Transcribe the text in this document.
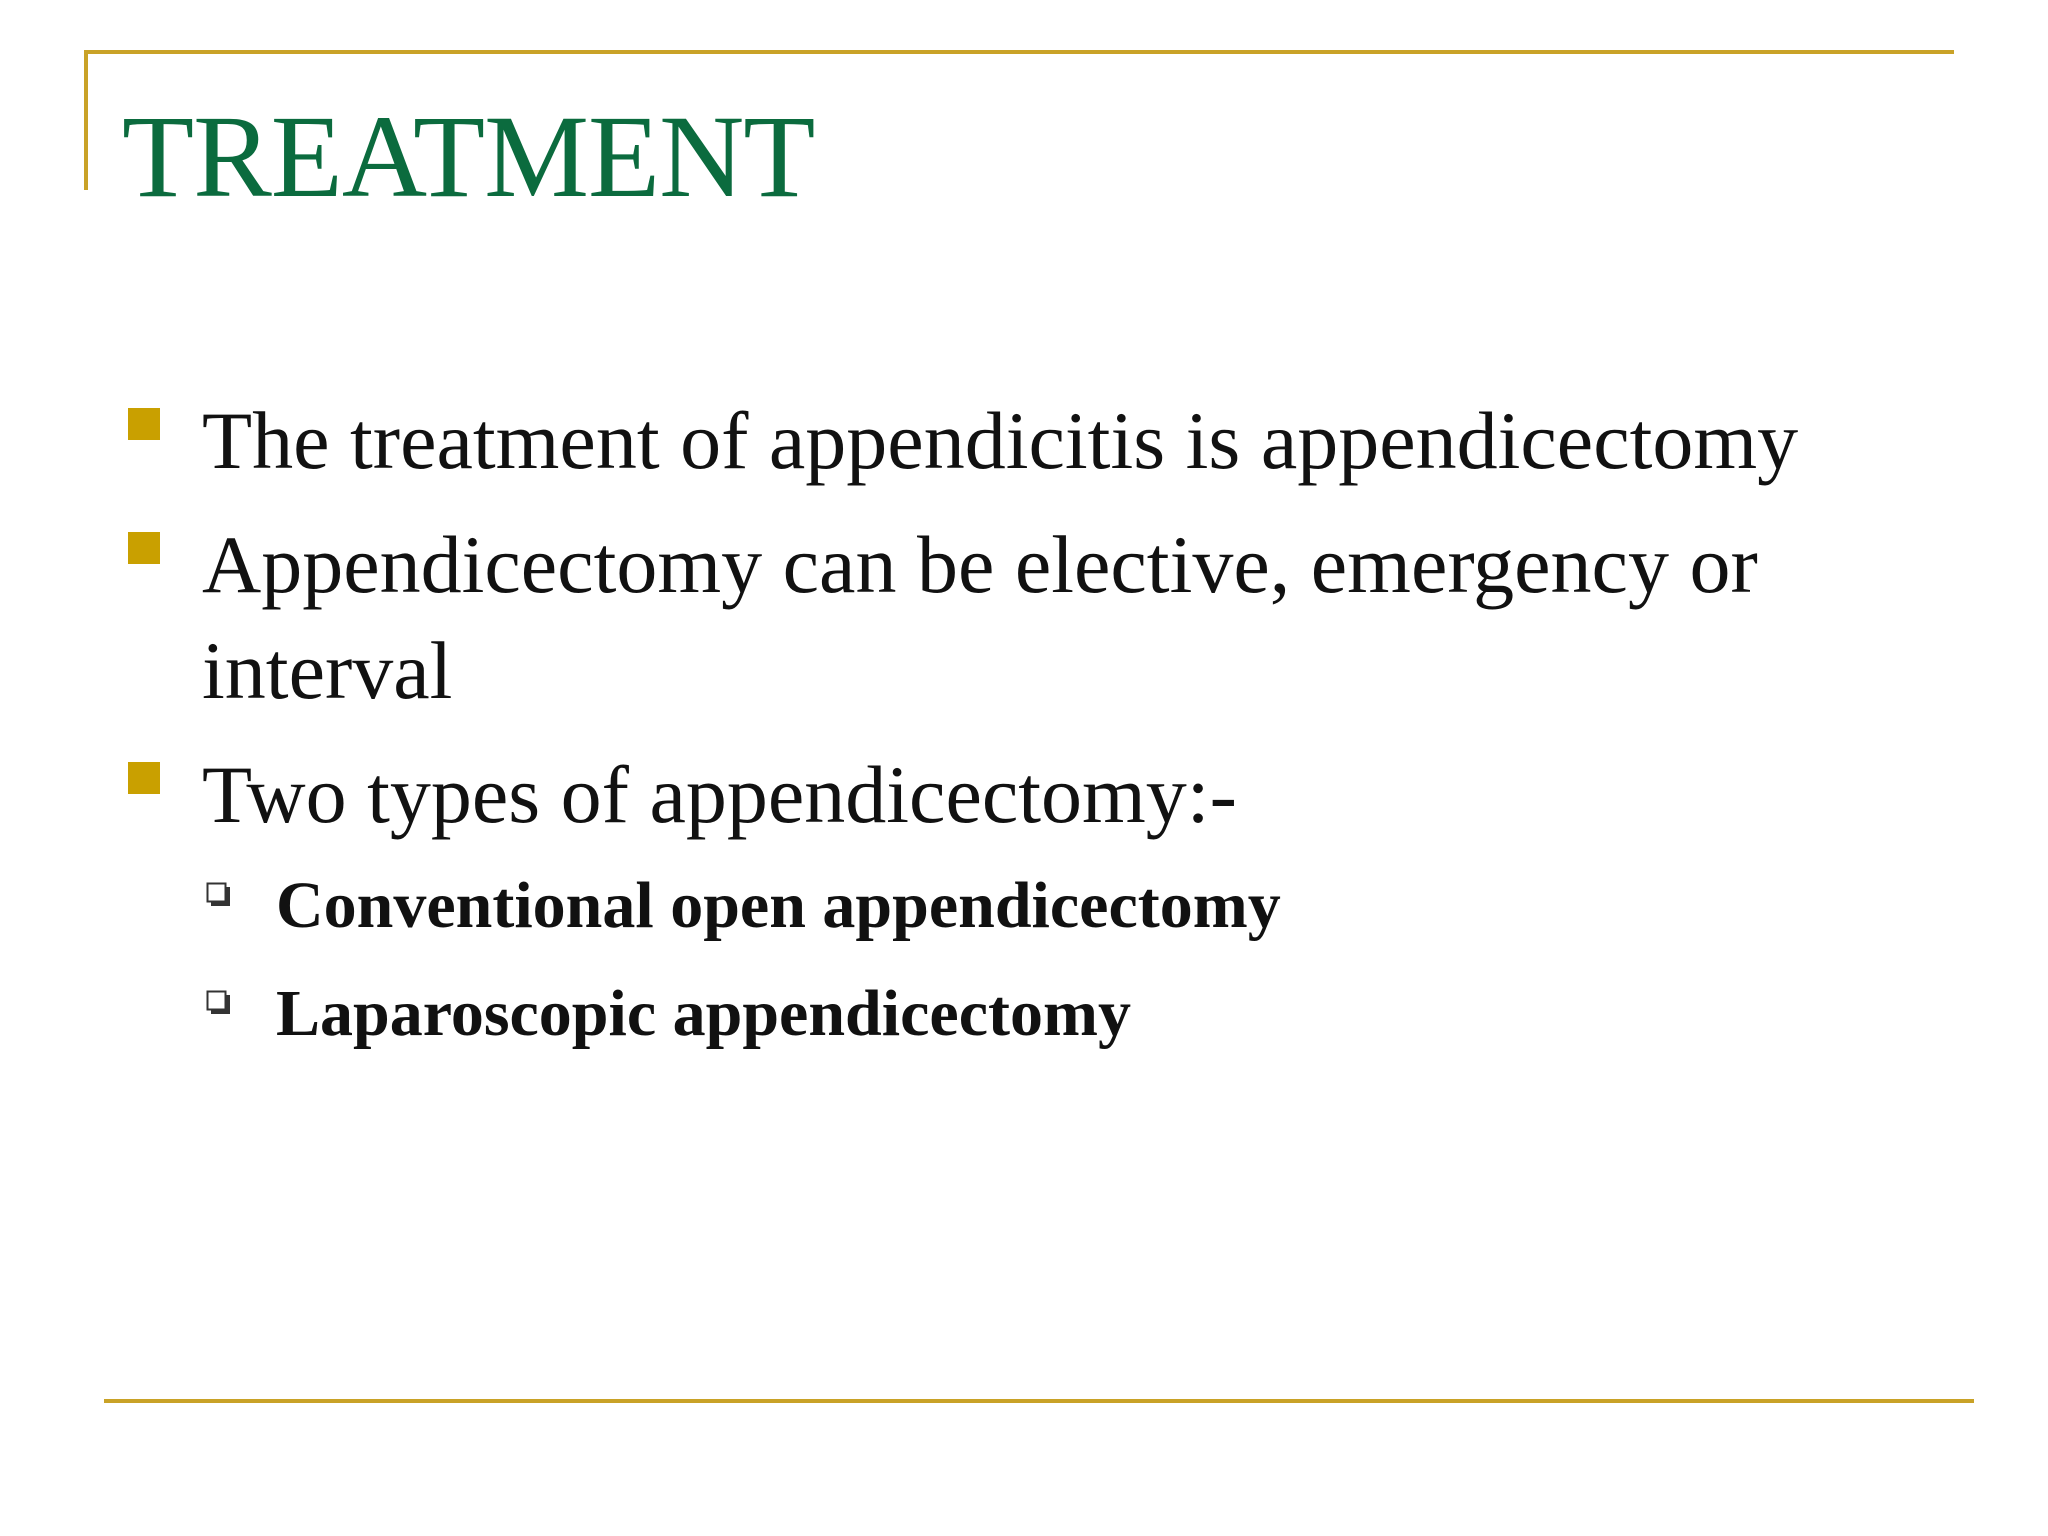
TREATMENT
The treatment of appendicitis is appendicectomy
Appendicectomy can be elective, emergency or interval
Two types of appendicectomy:-
Conventional open appendicectomy
Laparoscopic appendicectomy
